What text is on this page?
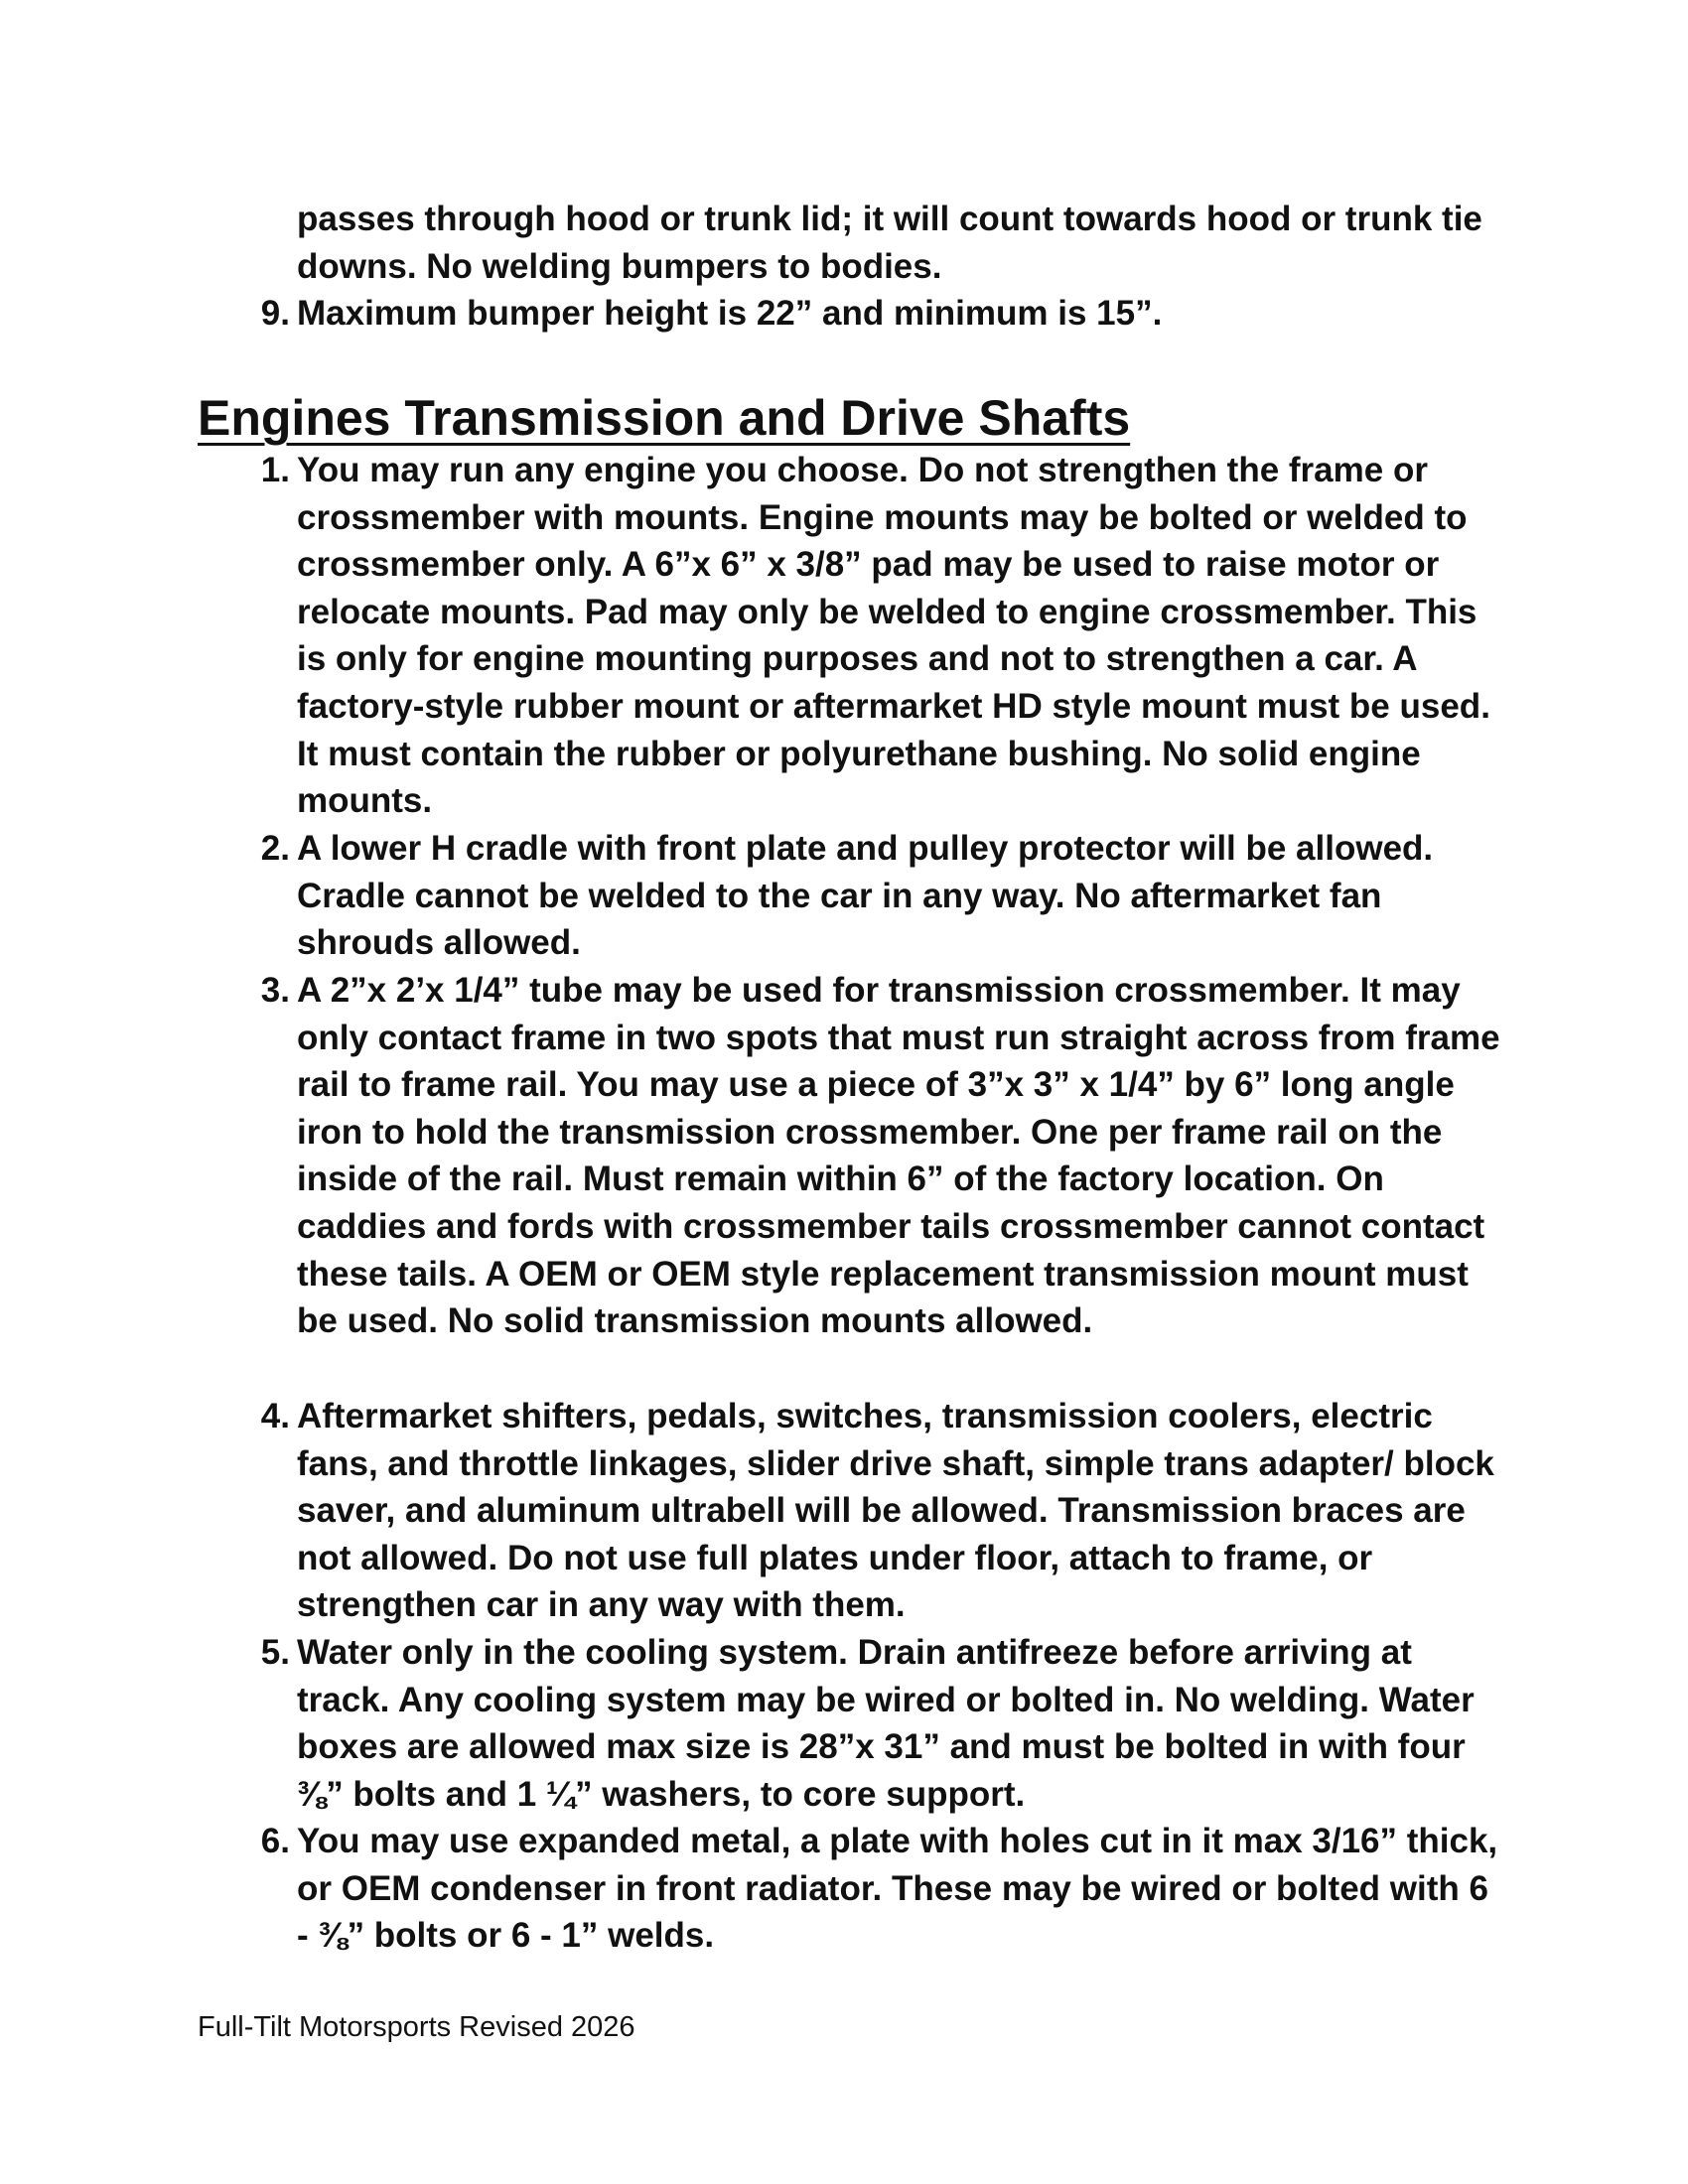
passes through hood or trunk lid; it will count towards hood or trunk tie downs. No welding bumpers to bodies.
9. Maximum bumper height is 22” and minimum is 15”.
Engines Transmission and Drive Shafts
1. You may run any engine you choose. Do not strengthen the frame or crossmember with mounts. Engine mounts may be bolted or welded to crossmember only. A 6”x 6” x 3/8” pad may be used to raise motor or relocate mounts. Pad may only be welded to engine crossmember. This is only for engine mounting purposes and not to strengthen a car. A factory-style rubber mount or aftermarket HD style mount must be used. It must contain the rubber or polyurethane bushing. No solid engine mounts.
2. A lower H cradle with front plate and pulley protector will be allowed. Cradle cannot be welded to the car in any way. No aftermarket fan shrouds allowed.
3. A 2”x 2’x 1/4” tube may be used for transmission crossmember. It may only contact frame in two spots that must run straight across from frame rail to frame rail. You may use a piece of 3”x 3” x 1/4” by 6” long angle iron to hold the transmission crossmember. One per frame rail on the inside of the rail. Must remain within 6” of the factory location. On caddies and fords with crossmember tails crossmember cannot contact these tails. A OEM or OEM style replacement transmission mount must be used. No solid transmission mounts allowed.
4. Aftermarket shifters, pedals, switches, transmission coolers, electric fans, and throttle linkages, slider drive shaft, simple trans adapter/ block saver, and aluminum ultrabell will be allowed. Transmission braces are not allowed. Do not use full plates under floor, attach to frame, or strengthen car in any way with them.
5. Water only in the cooling system. Drain antifreeze before arriving at track. Any cooling system may be wired or bolted in. No welding. Water boxes are allowed max size is 28”x 31” and must be bolted in with four ⅜” bolts and 1 ¼” washers, to core support.
6. You may use expanded metal, a plate with holes cut in it max 3/16” thick, or OEM condenser in front radiator. These may be wired or bolted with 6 - ⅜” bolts or 6 - 1” welds.
Full-Tilt Motorsports Revised 2026
